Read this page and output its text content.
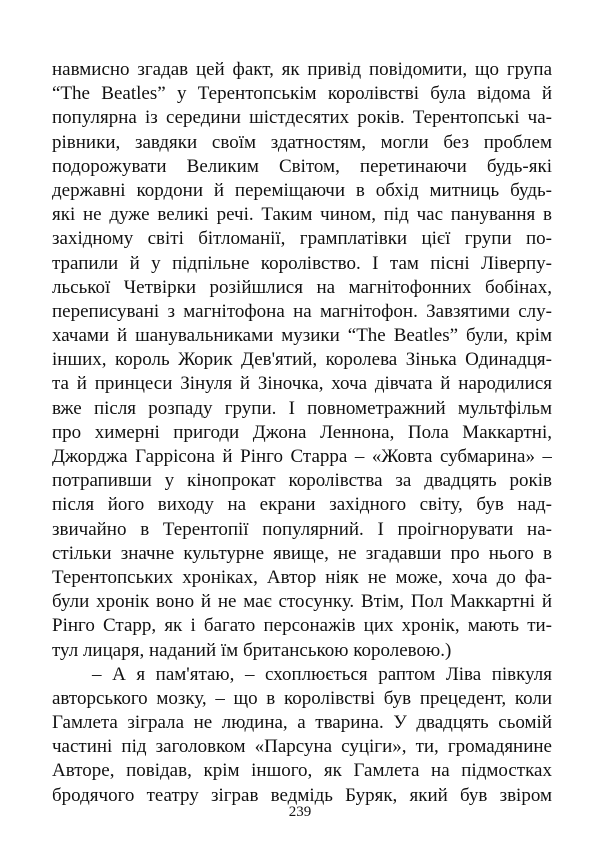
навмисно згадав цей факт, як привід повідомити, що група
“The Beatles” у Терентопськім королівстві була відома й
популярна із середини шістдесятих років. Терентопські ча-
рівники, завдяки своїм здатностям, могли без проблем
подорожувати Великим Світом, перетинаючи будь-які
державні кордони й переміщаючи в обхід митниць будь-
які не дуже великі речі. Таким чином, під час панування в
західному світі бітломанії, грамплатівки цієї групи по-
трапили й у підпільне королівство. І там пісні Ліверпу-
льської Четвірки розійшлися на магнітофонних бобінах,
переписувані з магнітофона на магнітофон. Завзятими слу-
хачами й шанувальниками музики “The Beatles” були, крім
інших, король Жорик Дев'ятий, королева Зінька Одинадця-
та й принцеси Зінуля й Зіночка, хоча дівчата й народилися
вже після розпаду групи. І повнометражний мультфільм
про химерні пригоди Джона Леннона, Пола Маккартні,
Джорджа Гаррісона й Рінго Старра – «Жовта субмарина» –
потрапивши у кінопрокат королівства за двадцять років
після його виходу на екрани західного світу, був над-
звичайно в Терентопії популярний. І проігнорувати на-
стільки значне культурне явище, не згадавши про нього в
Терентопських хроніках, Автор ніяк не може, хоча до фа-
були хронік воно й не має стосунку. Втім, Пол Маккартні й
Рінго Старр, як і багато персонажів цих хронік, мають ти-
тул лицаря, наданий їм британською королевою.)
– А я пам'ятаю, – схоплюється раптом Ліва півкуля
авторського мозку, – що в королівстві був прецедент, коли
Гамлета зіграла не людина, а тварина. У двадцять сьомій
частині під заголовком «Парсуна суціги», ти, громадянине
Авторе, повідав, крім іншого, як Гамлета на підмостках
бродячого театру зіграв ведмідь Буряк, який був звіром
239
